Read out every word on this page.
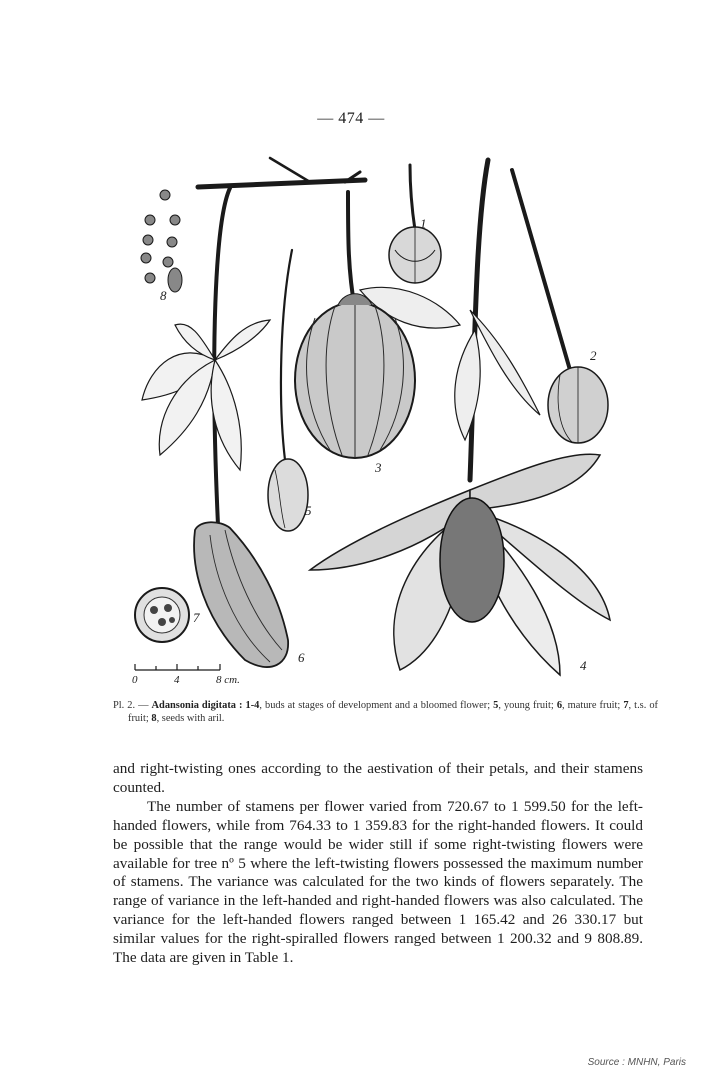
— 474 —
1
2
3
4
5
6
7
8
0	4	8 cm.
Pl. 2. — Adansonia digitata : 1-4, buds at stages of development and a bloomed flower; 5, young fruit; 6, mature fruit; 7, t.s. of fruit; 8, seeds with aril.

and right-twisting ones according to the aestivation of their petals, and their stamens counted.

The number of stamens per flower varied from 720.67 to 1 599.50 for the left-handed flowers, while from 764.33 to 1 359.83 for the right-handed flowers. It could be possible that the range would be wider still if some right-twisting flowers were available for tree nº 5 where the left-twisting flowers possessed the maximum number of stamens. The variance was calculated for the two kinds of flowers separately. The range of variance in the left-handed and right-handed flowers was also calculated. The variance for the left-handed flowers ranged between 1 165.42 and 26 330.17 but similar values for the right-spiralled flowers ranged between 1 200.32 and 9 808.89. The data are given in Table 1.

Source : MNHN, Paris
